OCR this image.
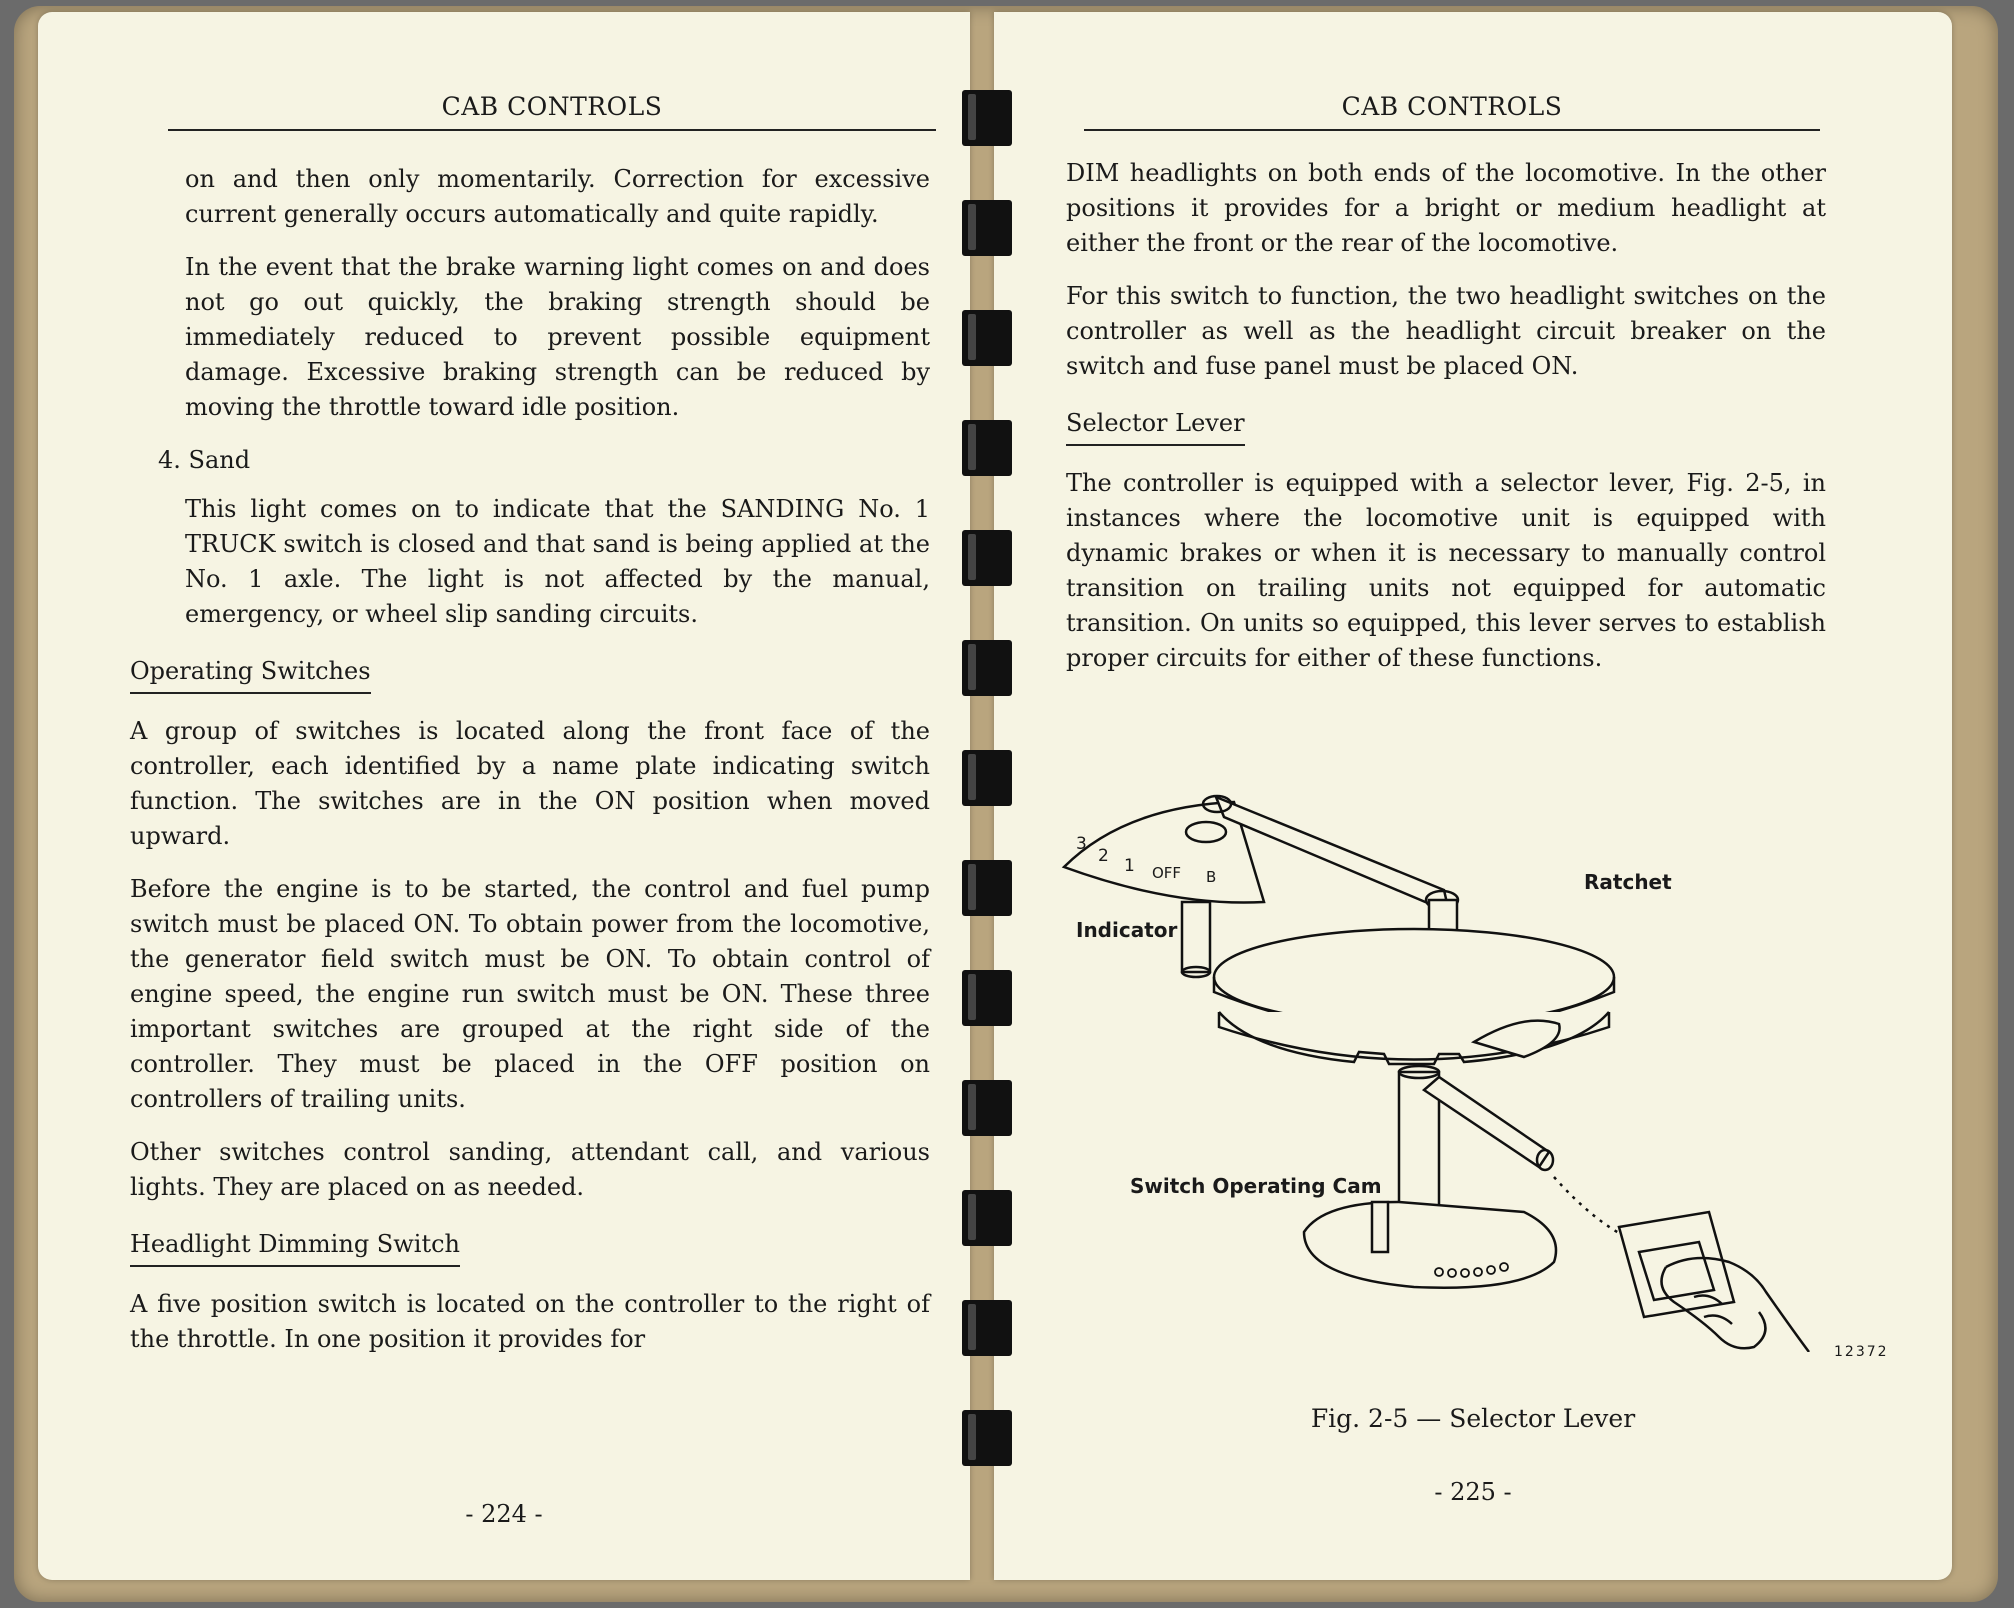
CAB CONTROLS

on and then only momentarily. Correction for excessive current generally occurs automatically and quite rapidly.

In the event that the brake warning light comes on and does not go out quickly, the braking strength should be immediately reduced to prevent possible equipment damage. Excessive braking strength can be reduced by moving the throttle toward idle position.

4. Sand

This light comes on to indicate that the SANDING No. 1 TRUCK switch is closed and that sand is being applied at the No. 1 axle. The light is not affected by the manual, emergency, or wheel slip sanding circuits.

Operating Switches

A group of switches is located along the front face of the controller, each identified by a name plate indicating switch function. The switches are in the ON position when moved upward.

Before the engine is to be started, the control and fuel pump switch must be placed ON. To obtain power from the locomotive, the generator field switch must be ON. To obtain control of engine speed, the engine run switch must be ON. These three important switches are grouped at the right side of the controller. They must be placed in the OFF position on controllers of trailing units.

Other switches control sanding, attendant call, and various lights. They are placed on as needed.

Headlight Dimming Switch

A five position switch is located on the controller to the right of the throttle. In one position it provides for

- 224 -
CAB CONTROLS

DIM headlights on both ends of the locomotive. In the other positions it provides for a bright or medium headlight at either the front or the rear of the locomotive.

For this switch to function, the two headlight switches on the controller as well as the headlight circuit breaker on the switch and fuse panel must be placed ON.

Selector Lever

The controller is equipped with a selector lever, Fig. 2-5, in instances where the locomotive unit is equipped with dynamic brakes or when it is necessary to manually control transition on trailing units not equipped for automatic transition. On units so equipped, this lever serves to establish proper circuits for either of these functions.

3
2 1 OFF B	Ratchet
Indicator
Switch Operating Cam
12372
Fig. 2-5 — Selector Lever
- 225 -
